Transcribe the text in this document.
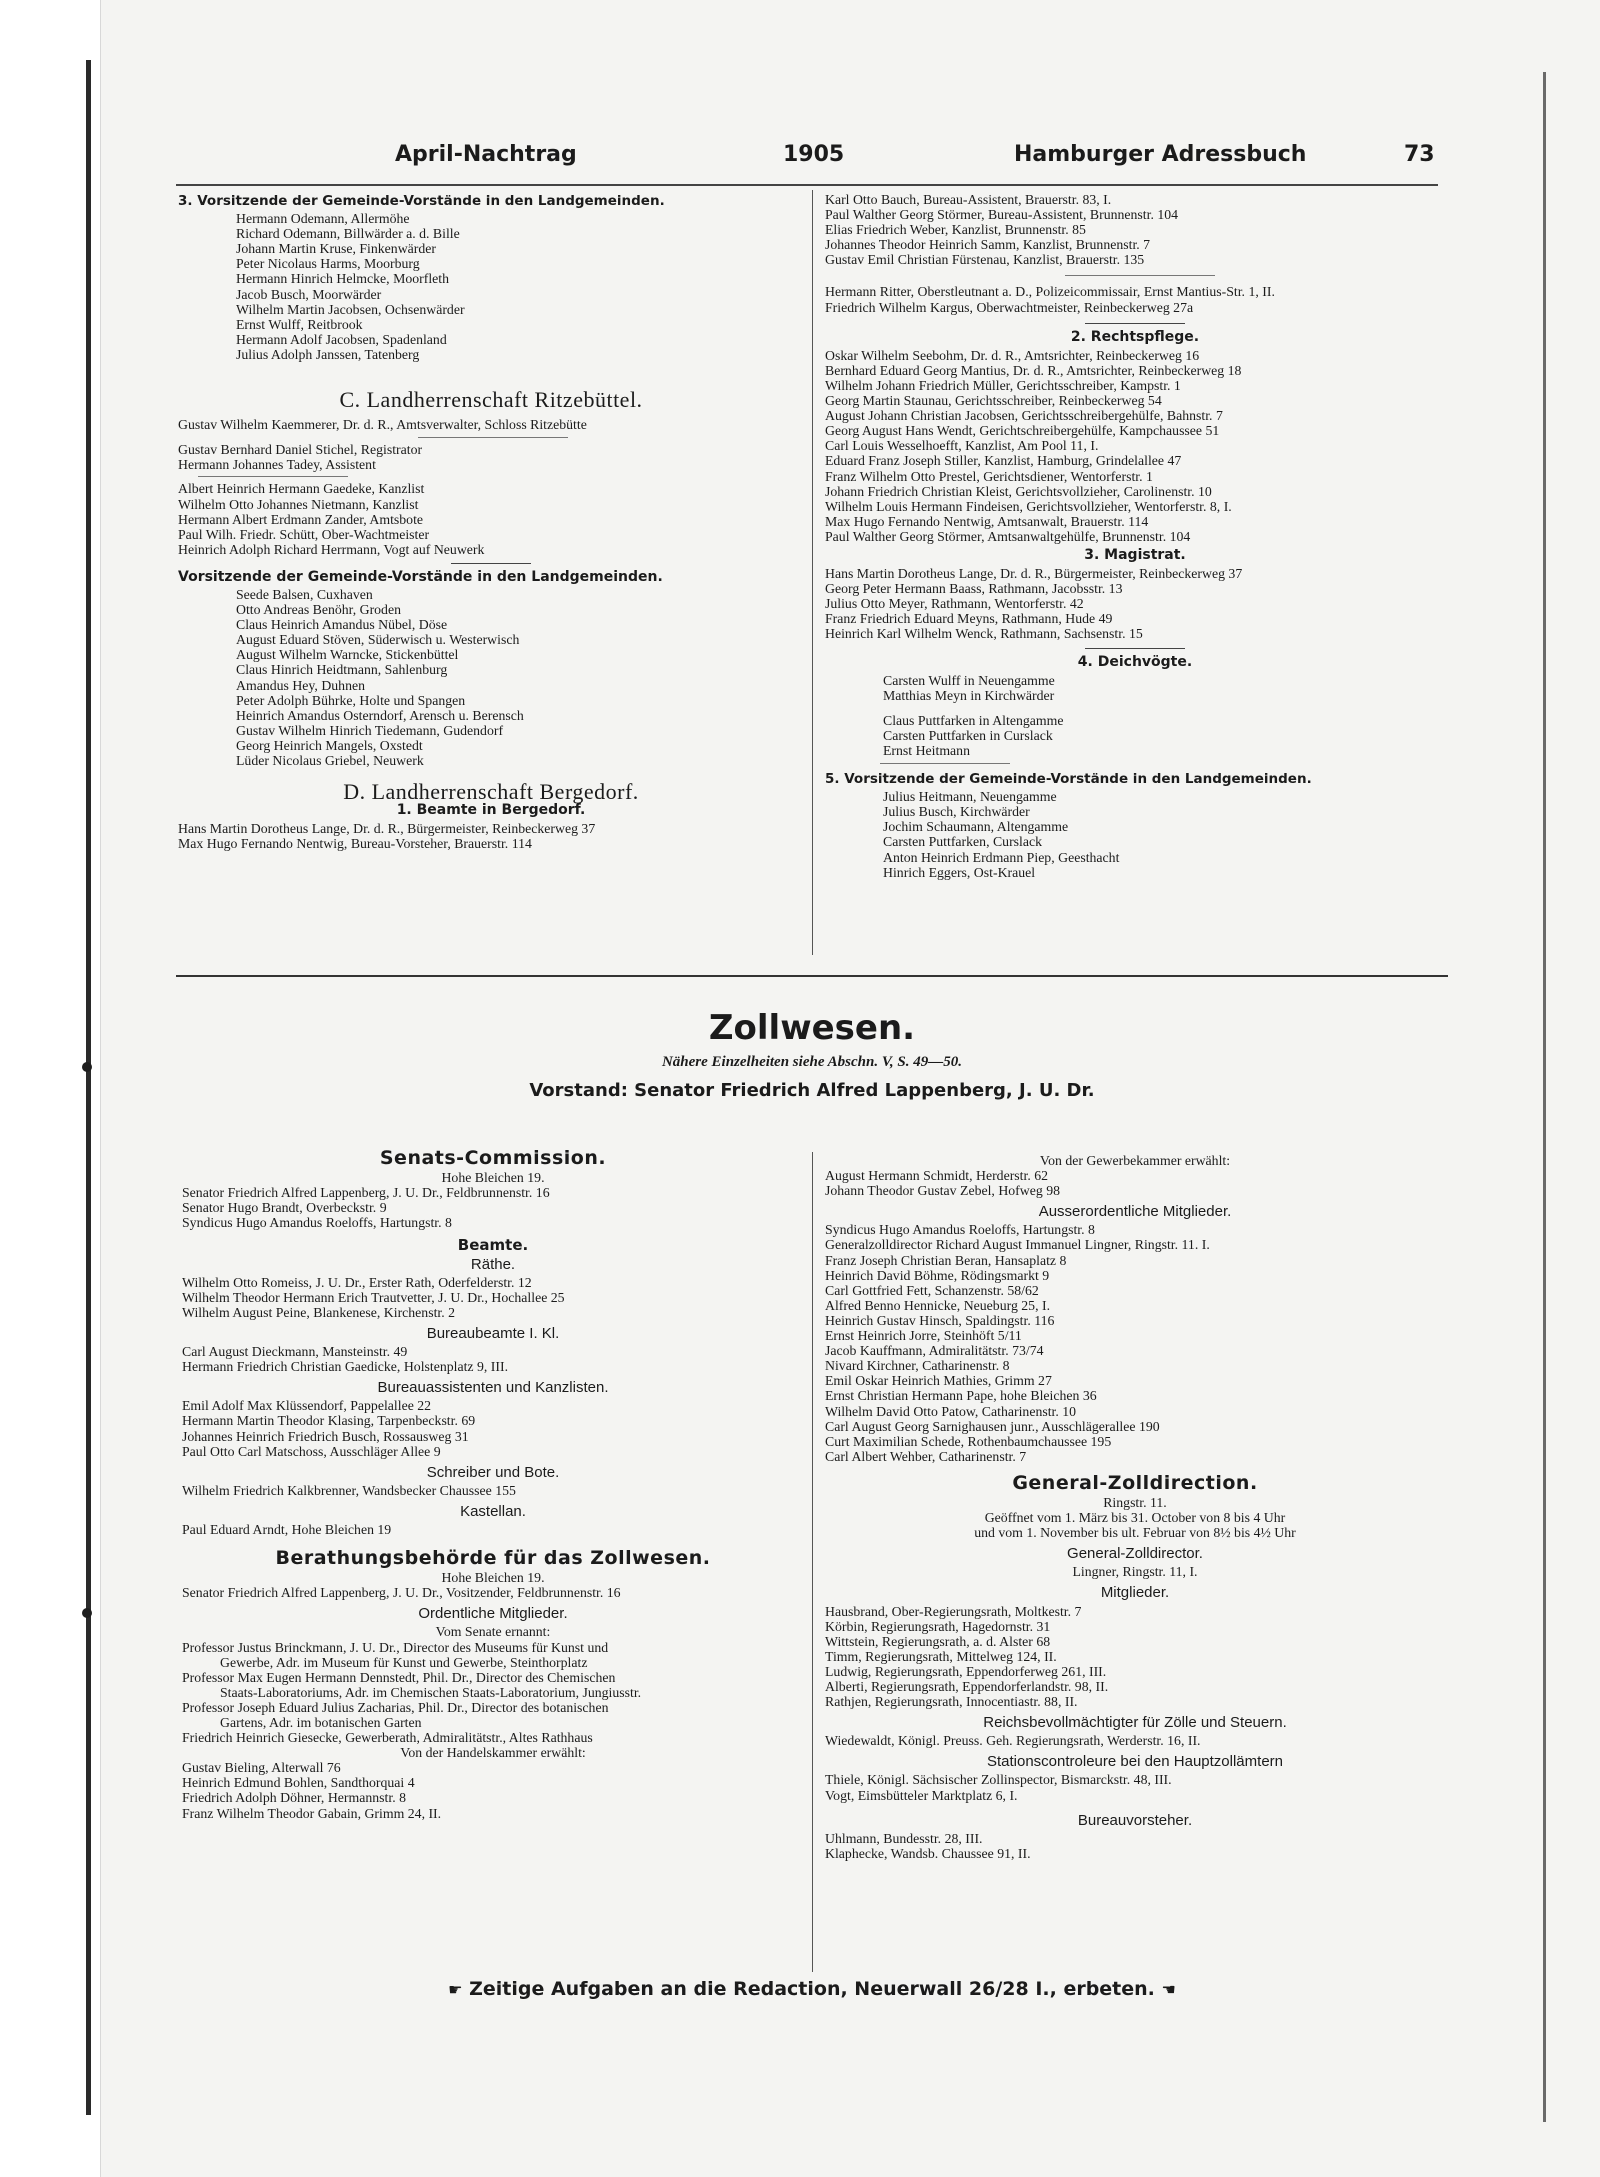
April-Nachtrag	1905	Hamburger Adressbuch	73
3. Vorsitzende der Gemeinde-Vorstände in den Landgemeinden.

Hermann Odemann, Allermöhe

Richard Odemann, Billwärder a. d. Bille

Johann Martin Kruse, Finkenwärder

Peter Nicolaus Harms, Moorburg

Hermann Hinrich Helmcke, Moorfleth

Jacob Busch, Moorwärder

Wilhelm Martin Jacobsen, Ochsenwärder

Ernst Wulff, Reitbrook

Hermann Adolf Jacobsen, Spadenland

Julius Adolph Janssen, Tatenberg

C. Landherrenschaft Ritzebüttel.

Gustav Wilhelm Kaemmerer, Dr. d. R., Amtsverwalter, Schloss Ritzebütte

Gustav Bernhard Daniel Stichel, Registrator

Hermann Johannes Tadey, Assistent

Albert Heinrich Hermann Gaedeke, Kanzlist

Wilhelm Otto Johannes Nietmann, Kanzlist

Hermann Albert Erdmann Zander, Amtsbote

Paul Wilh. Friedr. Schütt, Ober-Wachtmeister

Heinrich Adolph Richard Herrmann, Vogt auf Neuwerk

Vorsitzende der Gemeinde-Vorstände in den Landgemeinden.

Seede Balsen, Cuxhaven

Otto Andreas Benöhr, Groden

Claus Heinrich Amandus Nübel, Döse

August Eduard Stöven, Süderwisch u. Westerwisch

August Wilhelm Warncke, Stickenbüttel

Claus Hinrich Heidtmann, Sahlenburg

Amandus Hey, Duhnen

Peter Adolph Bührke, Holte und Spangen

Heinrich Amandus Osterndorf, Arensch u. Berensch

Gustav Wilhelm Hinrich Tiedemann, Gudendorf

Georg Heinrich Mangels, Oxstedt

Lüder Nicolaus Griebel, Neuwerk

D. Landherrenschaft Bergedorf.
1. Beamte in Bergedorf.

Hans Martin Dorotheus Lange, Dr. d. R., Bürgermeister, Reinbeckerweg 37

Max Hugo Fernando Nentwig, Bureau-Vorsteher, Brauerstr. 114

Karl Otto Bauch, Bureau-Assistent, Brauerstr. 83, I.

Paul Walther Georg Störmer, Bureau-Assistent, Brunnenstr. 104

Elias Friedrich Weber, Kanzlist, Brunnenstr. 85

Johannes Theodor Heinrich Samm, Kanzlist, Brunnenstr. 7

Gustav Emil Christian Fürstenau, Kanzlist, Brauerstr. 135

Hermann Ritter, Oberstleutnant a. D., Polizeicommissair, Ernst Mantius-Str. 1, II.

Friedrich Wilhelm Kargus, Oberwachtmeister, Reinbeckerweg 27a

2. Rechtspflege.

Oskar Wilhelm Seebohm, Dr. d. R., Amtsrichter, Reinbeckerweg 16

Bernhard Eduard Georg Mantius, Dr. d. R., Amtsrichter, Reinbeckerweg 18

Wilhelm Johann Friedrich Müller, Gerichtsschreiber, Kampstr. 1

Georg Martin Staunau, Gerichtsschreiber, Reinbeckerweg 54

August Johann Christian Jacobsen, Gerichtsschreibergehülfe, Bahnstr. 7

Georg August Hans Wendt, Gerichtschreibergehülfe, Kampchaussee 51

Carl Louis Wesselhoefft, Kanzlist, Am Pool 11, I.

Eduard Franz Joseph Stiller, Kanzlist, Hamburg, Grindelallee 47

Franz Wilhelm Otto Prestel, Gerichtsdiener, Wentorferstr. 1

Johann Friedrich Christian Kleist, Gerichtsvollzieher, Carolinenstr. 10

Wilhelm Louis Hermann Findeisen, Gerichtsvollzieher, Wentorferstr. 8, I.

Max Hugo Fernando Nentwig, Amtsanwalt, Brauerstr. 114

Paul Walther Georg Störmer, Amtsanwaltgehülfe, Brunnenstr. 104

3. Magistrat.

Hans Martin Dorotheus Lange, Dr. d. R., Bürgermeister, Reinbeckerweg 37

Georg Peter Hermann Baass, Rathmann, Jacobsstr. 13

Julius Otto Meyer, Rathmann, Wentorferstr. 42

Franz Friedrich Eduard Meyns, Rathmann, Hude 49

Heinrich Karl Wilhelm Wenck, Rathmann, Sachsenstr. 15

4. Deichvögte.

Carsten Wulff in Neuengamme

Matthias Meyn in Kirchwärder

Claus Puttfarken in Altengamme

Carsten Puttfarken in Curslack

Ernst Heitmann

5. Vorsitzende der Gemeinde-Vorstände in den Landgemeinden.

Julius Heitmann, Neuengamme

Julius Busch, Kirchwärder

Jochim Schaumann, Altengamme

Carsten Puttfarken, Curslack

Anton Heinrich Erdmann Piep, Geesthacht

Hinrich Eggers, Ost-Krauel

Zollwesen.
Nähere Einzelheiten siehe Abschn. V, S. 49—50.
Vorstand: Senator Friedrich Alfred Lappenberg, J. U. Dr.
Senats-Commission.

Hohe Bleichen 19.

Senator Friedrich Alfred Lappenberg, J. U. Dr., Feldbrunnenstr. 16

Senator Hugo Brandt, Overbeckstr. 9

Syndicus Hugo Amandus Roeloffs, Hartungstr. 8

Beamte.
Räthe.

Wilhelm Otto Romeiss, J. U. Dr., Erster Rath, Oderfelderstr. 12

Wilhelm Theodor Hermann Erich Trautvetter, J. U. Dr., Hochallee 25

Wilhelm August Peine, Blankenese, Kirchenstr. 2

Bureaubeamte I. Kl.

Carl August Dieckmann, Mansteinstr. 49

Hermann Friedrich Christian Gaedicke, Holstenplatz 9, III.

Bureauassistenten und Kanzlisten.

Emil Adolf Max Klüssendorf, Pappelallee 22

Hermann Martin Theodor Klasing, Tarpenbeckstr. 69

Johannes Heinrich Friedrich Busch, Rossausweg 31

Paul Otto Carl Matschoss, Ausschläger Allee 9

Schreiber und Bote.

Wilhelm Friedrich Kalkbrenner, Wandsbecker Chaussee 155

Kastellan.

Paul Eduard Arndt, Hohe Bleichen 19

Berathungsbehörde für das Zollwesen.

Hohe Bleichen 19.

Senator Friedrich Alfred Lappenberg, J. U. Dr., Vositzender, Feldbrunnenstr. 16

Ordentliche Mitglieder.

Vom Senate ernannt:

Professor Justus Brinckmann, J. U. Dr., Director des Museums für Kunst und

Gewerbe, Adr. im Museum für Kunst und Gewerbe, Steinthorplatz

Professor Max Eugen Hermann Dennstedt, Phil. Dr., Director des Chemischen

Staats-Laboratoriums, Adr. im Chemischen Staats-Laboratorium, Jungiusstr.

Professor Joseph Eduard Julius Zacharias, Phil. Dr., Director des botanischen

Gartens, Adr. im botanischen Garten

Friedrich Heinrich Giesecke, Gewerberath, Admiralitätstr., Altes Rathhaus

Von der Handelskammer erwählt:

Gustav Bieling, Alterwall 76

Heinrich Edmund Bohlen, Sandthorquai 4

Friedrich Adolph Döhner, Hermannstr. 8

Franz Wilhelm Theodor Gabain, Grimm 24, II.

Von der Gewerbekammer erwählt:

August Hermann Schmidt, Herderstr. 62

Johann Theodor Gustav Zebel, Hofweg 98

Ausserordentliche Mitglieder.

Syndicus Hugo Amandus Roeloffs, Hartungstr. 8

Generalzolldirector Richard August Immanuel Lingner, Ringstr. 11. I.

Franz Joseph Christian Beran, Hansaplatz 8

Heinrich David Böhme, Rödingsmarkt 9

Carl Gottfried Fett, Schanzenstr. 58/62

Alfred Benno Hennicke, Neueburg 25, I.

Heinrich Gustav Hinsch, Spaldingstr. 116

Ernst Heinrich Jorre, Steinhöft 5/11

Jacob Kauffmann, Admiralitätstr. 73/74

Nivard Kirchner, Catharinenstr. 8

Emil Oskar Heinrich Mathies, Grimm 27

Ernst Christian Hermann Pape, hohe Bleichen 36

Wilhelm David Otto Patow, Catharinenstr. 10

Carl August Georg Sarnighausen junr., Ausschlägerallee 190

Curt Maximilian Schede, Rothenbaumchaussee 195

Carl Albert Wehber, Catharinenstr. 7

General-Zolldirection.

Ringstr. 11.

Geöffnet vom 1. März bis 31. October von 8 bis 4 Uhr

und vom 1. November bis ult. Februar von 8½ bis 4½ Uhr

General-Zolldirector.

Lingner, Ringstr. 11, I.

Mitglieder.

Hausbrand, Ober-Regierungsrath, Moltkestr. 7

Körbin, Regierungsrath, Hagedornstr. 31

Wittstein, Regierungsrath, a. d. Alster 68

Timm, Regierungsrath, Mittelweg 124, II.

Ludwig, Regierungsrath, Eppendorferweg 261, III.

Alberti, Regierungsrath, Eppendorferlandstr. 98, II.

Rathjen, Regierungsrath, Innocentiastr. 88, II.

Reichsbevollmächtigter für Zölle und Steuern.

Wiedewaldt, Königl. Preuss. Geh. Regierungsrath, Werderstr. 16, II.

Stationscontroleure bei den Hauptzollämtern

Thiele, Königl. Sächsischer Zollinspector, Bismarckstr. 48, III.

Vogt, Eimsbütteler Marktplatz 6, I.

Bureauvorsteher.

Uhlmann, Bundesstr. 28, III.

Klaphecke, Wandsb. Chaussee 91, II.

☛ Zeitige Aufgaben an die Redaction, Neuerwall 26/28 I., erbeten. ☚
